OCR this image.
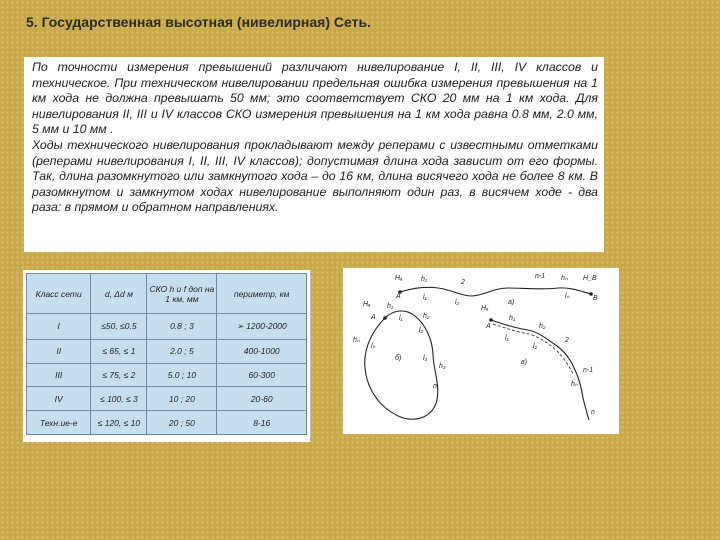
5. Государственная высотная (нивелирная) Сеть.

По точности измерения превышений различают нивелирование I, II, III, IV классов и техническое. При техническом нивелировании предельная ошибка измерения превышения на 1 км хода не должна превышать 50 мм; это соответствует СКО 20 мм на 1 км хода. Для нивелирования II, III и IV классов СКО измерения превышения на 1 км хода равна 0.8 мм, 2.0 мм, 5 мм и 10 мм .

Ходы технического нивелирования прокладывают между реперами с известными отметками (реперами нивелирования I, II, III, IV классов); допустимая длина хода зависит от его формы. Так, длина разомкнутого или замкнутого хода – до 16 км, длина висячего хода не более 8 км. В разомкнутом и замкнутом ходах нивелирование выполняют один раз, в висячем ходе - два раза: в прямом и обратном направлениях.

Класс сети	d, Δd м	СКО h и f доп на 1 км, мм	периметр, км
I	≤50, ≤0.5	0.8 ; 3	➢ 1200-2000
II	≤ 65, ≤ 1	2.0 ; 5	400-1000
III	≤ 75, ≤ 2	5.0 ; 10	60-300
IV	≤ 100, ≤ 3	10 ; 20	20-60
Техн.ие-е	≤ 120, ≤ 10	20 ; 50	8-16
Hₐ
A
h₁
l₁
2
l₂	a)
n-1 hₙ H_B
B
lₙ
Hₐ
A
h₁
l₁	h₂
l₂
hₙ
lₙ
б)	l₃
h₃
n
Hₐ
A
h₁
l₁
h₂
l₂
2
в)
n-1
hₙ
n
